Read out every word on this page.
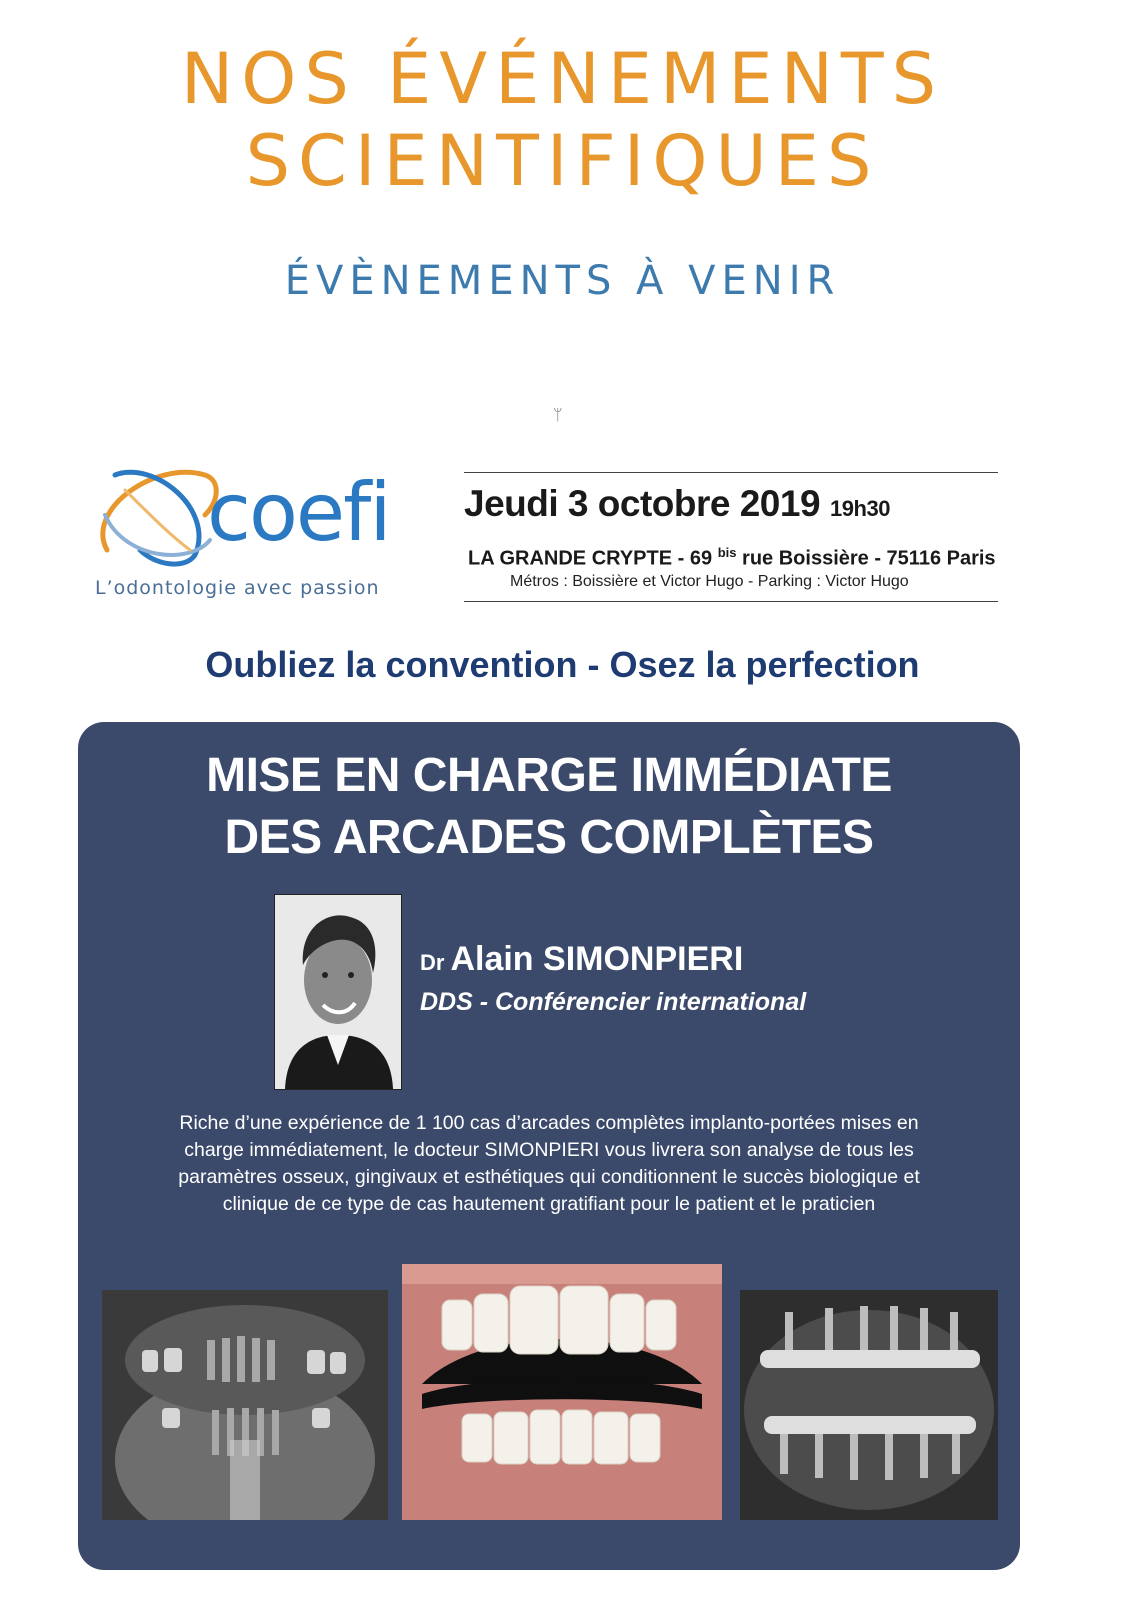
NOS ÉVÉNEMENTS
SCIENTIFIQUES
ÉVÈNEMENTS À VENIR
ᛘ
coefi
L’odontologie avec passion
Jeudi 3 octobre 2019 19h30
LA GRANDE CRYPTE - 69 $^{bis}$ rue Boissière - 75116 Paris
Métros : Boissière et Victor Hugo - Parking : Victor Hugo
Oubliez la convention - Osez la perfection
MISE EN CHARGE IMMÉDIATE
DES ARCADES COMPLÈTES
Dr Alain SIMONPIERI
DDS - Conférencier international
Riche d’une expérience de 1 100 cas d’arcades complètes implanto-portées mises en
charge immédiatement, le docteur SIMONPIERI vous livrera son analyse de tous les
paramètres osseux, gingivaux et esthétiques qui conditionnent le succès biologique et
clinique de ce type de cas hautement gratifiant pour le patient et le praticien
